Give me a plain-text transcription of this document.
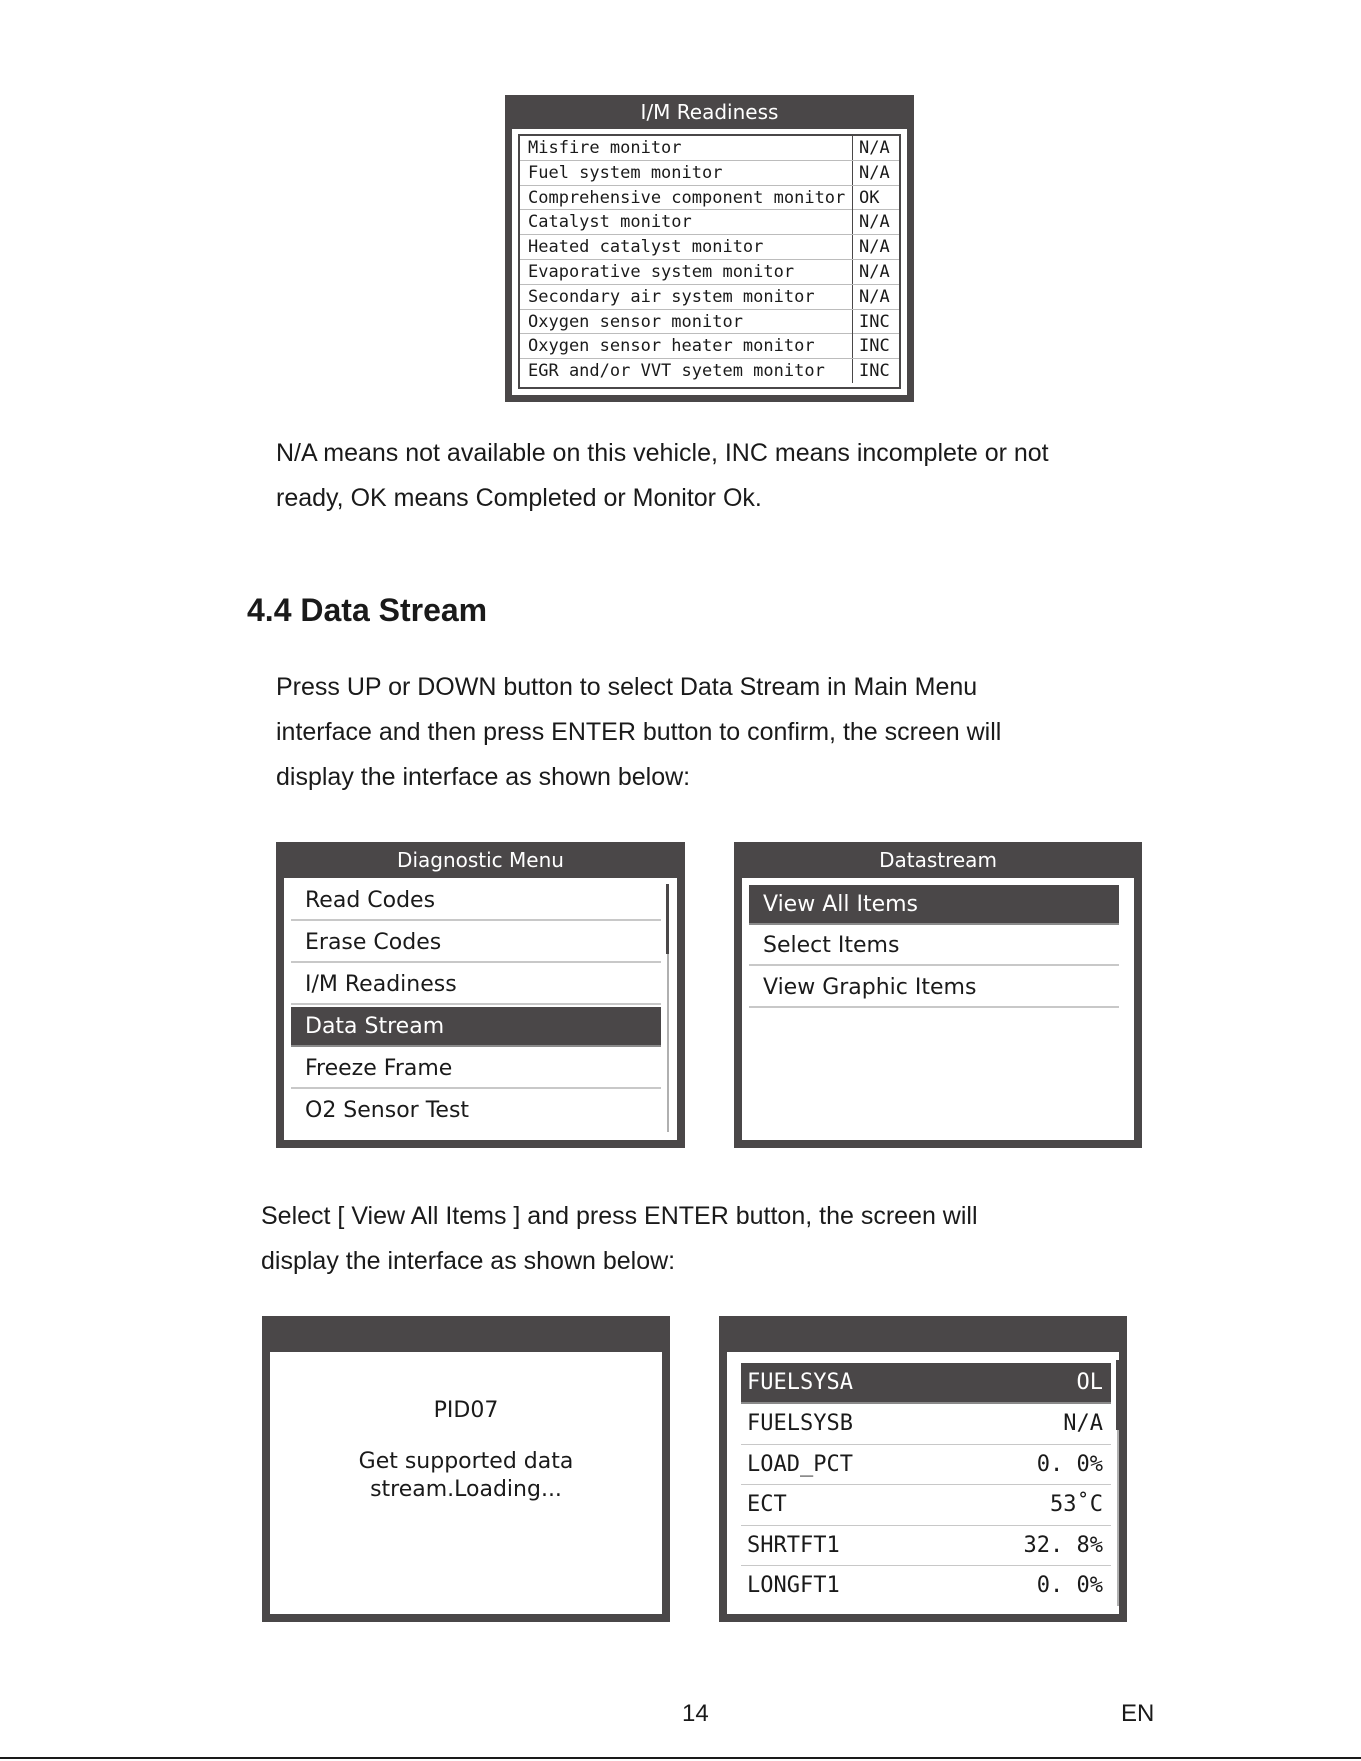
I/M Readiness
Misfire monitor	N/A
Fuel system monitor	N/A
Comprehensive component monitor OK
Catalyst monitor	N/A
Heated catalyst monitor	N/A
Evaporative system monitor	N/A
Secondary air system monitor	N/A
Oxygen sensor monitor	INC
Oxygen sensor heater monitor	INC
EGR and/or VVT syetem monitor	INC
N/A means not available on this vehicle, INC means incomplete or not
ready, OK means Completed or Monitor Ok.
4.4 Data Stream
Press UP or DOWN button to select Data Stream in Main Menu
interface and then press ENTER button to confirm, the screen will
display the interface as shown below:
Diagnostic Menu
Read Codes
Erase Codes
I/M Readiness
Data Stream
Freeze Frame
O2 Sensor Test
Datastream
View All Items
Select Items
View Graphic Items
Select [ View All Items ] and press ENTER button, the screen will
display the interface as shown below:
PID07
Get supported data
stream.Loading...
FUELSYSA	OL
FUELSYSB	N/A
LOAD_PCT	0. 0%
ECT	53˚C
SHRTFT1	32. 8%
LONGFT1	0. 0%
14	EN
